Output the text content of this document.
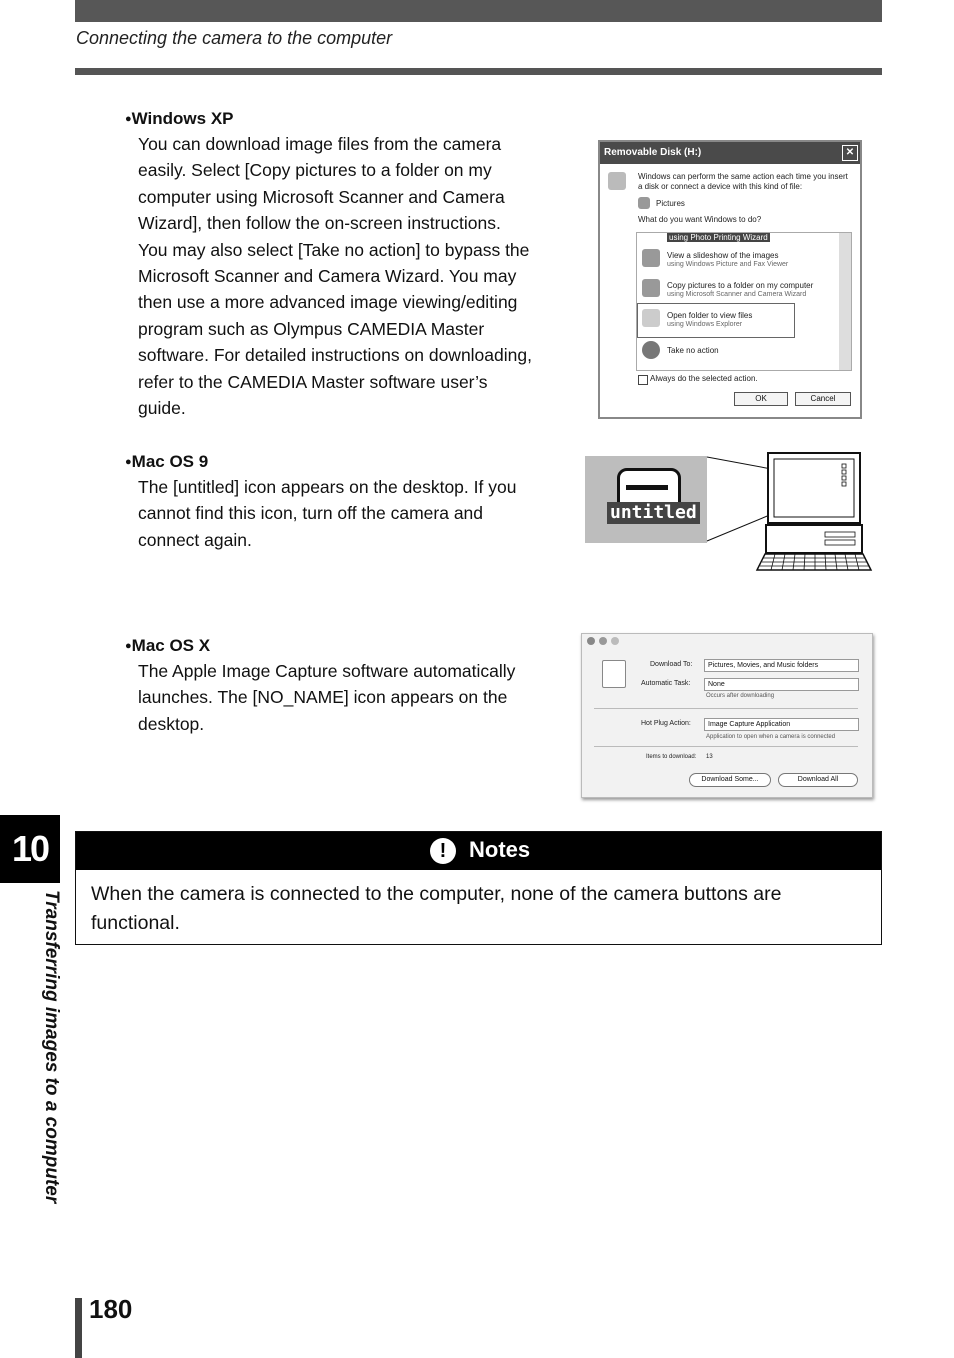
Connecting the camera to the computer
●Windows XP
You can download image files from the camera
easily. Select [Copy pictures to a folder on my
computer using Microsoft Scanner and Camera
Wizard], then follow the on-screen instructions.
You may also select [Take no action] to bypass the
Microsoft Scanner and Camera Wizard. You may
then use a more advanced image viewing/editing
program such as Olympus CAMEDIA Master
software. For detailed instructions on downloading,
refer to the CAMEDIA Master software user’s
guide.
Removable Disk (H:)	✕
Windows can perform the same action each time you insert
a disk or connect a device with this kind of file:
Pictures
What do you want Windows to do?
using Photo Printing Wizard
View a slideshow of the images
using Windows Picture and Fax Viewer
Copy pictures to a folder on my computer
using Microsoft Scanner and Camera Wizard
Open folder to view files
using Windows Explorer
Take no action
Always do the selected action.
OK	Cancel
●Mac OS 9
The [untitled] icon appears on the desktop. If you
cannot find this icon, turn off the camera and
connect again.
untitled
●Mac OS X
The Apple Image Capture software automatically
launches. The [NO_NAME] icon appears on the
desktop.
Download To:	Pictures, Movies, and Music folders
Automatic Task:	None
Occurs after downloading
Hot Plug Action:	Image Capture Application
Application to open when a camera is connected
Items to download: 13
Download Some...	Download All
10
Transferring images to a computer
!	Notes
When the camera is connected to the computer, none of the camera buttons are functional.
180
